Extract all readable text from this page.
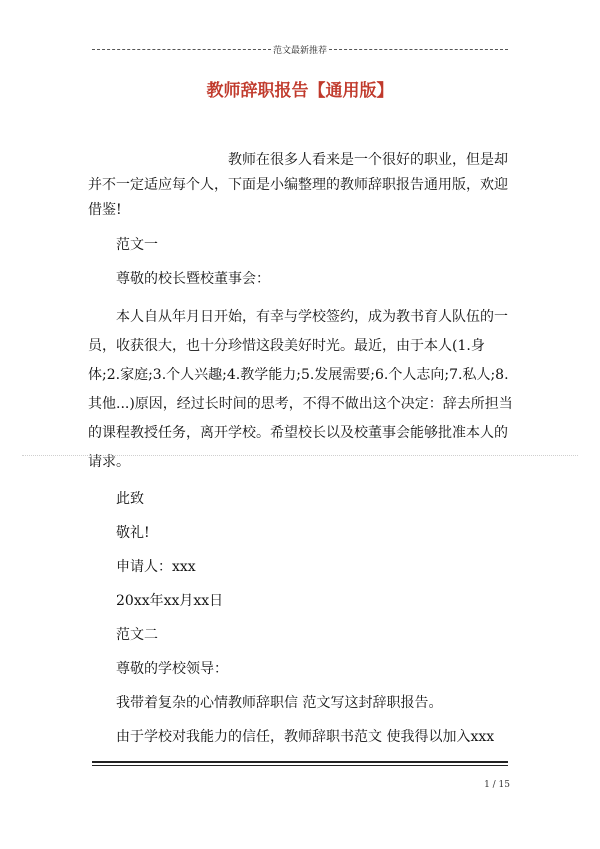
范文最新推荐
教师辞职报告【通用版】

教师在很多人看来是一个很好的职业，但是却并不一定适应每个人，下面是小编整理的教师辞职报告通用版，欢迎借鉴!

范文一

尊敬的校长暨校董事会：

本人自从年月日开始，有幸与学校签约，成为教书育人队伍的一员，收获很大，也十分珍惜这段美好时光。最近，由于本人(1.身体;2.家庭;3.个人兴趣;4.教学能力;5.发展需要;6.个人志向;7.私人;8.其他...)原因，经过长时间的思考，不得不做出这个决定：辞去所担当的课程教授任务，离开学校。希望校长以及校董事会能够批准本人的请求。

此致

敬礼!

申请人：xxx

20xx年xx月xx日

范文二

尊敬的学校领导：

我带着复杂的心情教师辞职信 范文写这封辞职报告。

由于学校对我能力的信任，教师辞职书范文 使我得以加入xxx

1 / 15
